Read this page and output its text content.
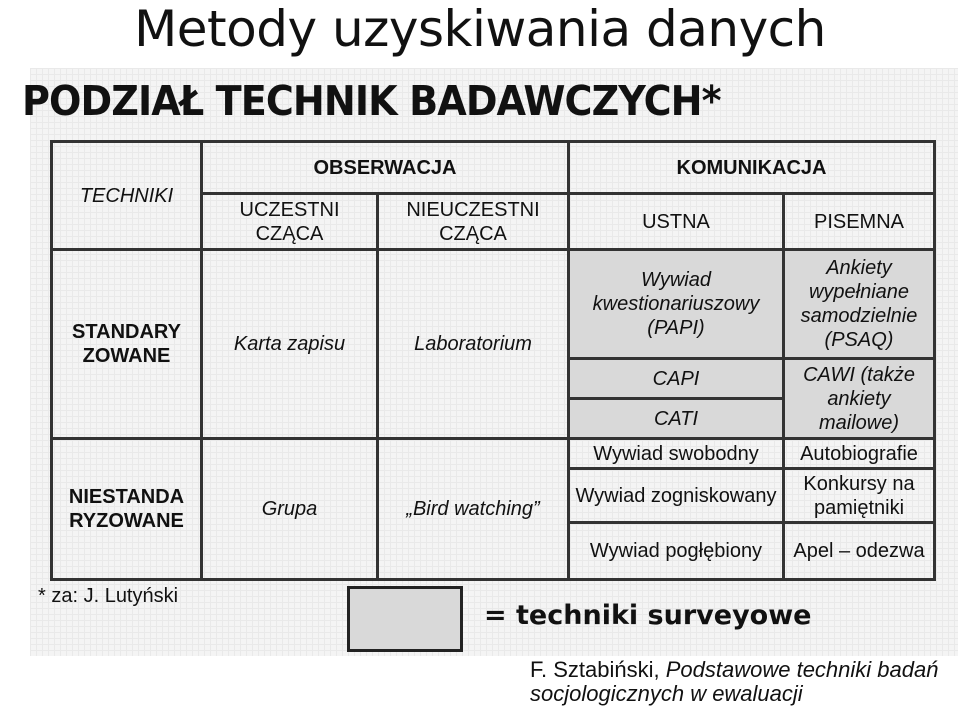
Metody uzyskiwania danych
PODZIAŁ TECHNIK BADAWCZYCH*
TECHNIKI	OBSERWACJA		KOMUNIKACJA	
	UCZESTNI CZĄCA	NIEUCZESTNI CZĄCA	USTNA	PISEMNA
STANDARY ZOWANE	Karta zapisu	Laboratorium	Wywiad kwestionariuszowy (PAPI)	Ankiety wypełniane samodzielnie (PSAQ)
			CAPI	CAWI (także ankiety mailowe)
			CATI	
NIESTANDA RYZOWANE	Grupa	„Bird watching”	Wywiad swobodny	Autobiografie
			Wywiad zogniskowany	Konkursy na pamiętniki
			Wywiad pogłębiony	Apel – odezwa
* za: J. Lutyński
= techniki surveyowe
F. Sztabiński, Podstawowe techniki badań socjologicznych w ewaluacji
